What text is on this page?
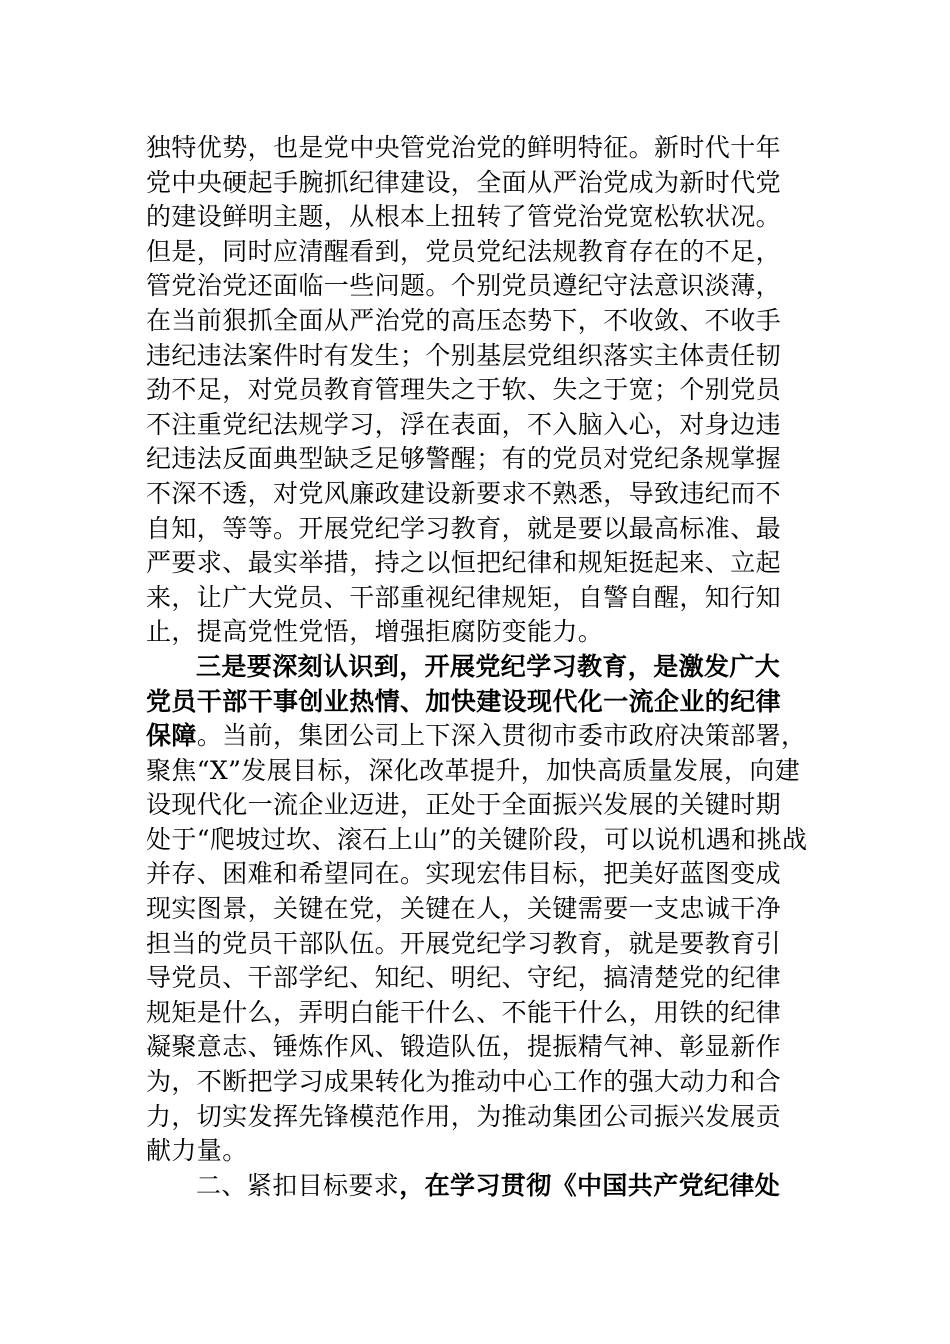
独特优势，也是党中央管党治党的鲜明特征。新时代十年
党中央硬起手腕抓纪律建设，全面从严治党成为新时代党
的建设鲜明主题，从根本上扭转了管党治党宽松软状况。
但是，同时应清醒看到，党员党纪法规教育存在的不足，
管党治党还面临一些问题。个别党员遵纪守法意识淡薄，
在当前狠抓全面从严治党的高压态势下，不收敛、不收手
违纪违法案件时有发生；个别基层党组织落实主体责任韧
劲不足，对党员教育管理失之于软、失之于宽；个别党员
不注重党纪法规学习，浮在表面，不入脑入心，对身边违
纪违法反面典型缺乏足够警醒；有的党员对党纪条规掌握
不深不透，对党风廉政建设新要求不熟悉，导致违纪而不
自知，等等。开展党纪学习教育，就是要以最高标准、最
严要求、最实举措，持之以恒把纪律和规矩挺起来、立起
来，让广大党员、干部重视纪律规矩，自警自醒，知行知
止，提高党性党悟，增强拒腐防变能力。
三是要深刻认识到，开展党纪学习教育，是激发广大
党员干部干事创业热情、加快建设现代化一流企业的纪律
保障。当前，集团公司上下深入贯彻市委市政府决策部署，
聚焦“X”发展目标，深化改革提升，加快高质量发展，向建
设现代化一流企业迈进，正处于全面振兴发展的关键时期
处于“爬坡过坎、滚石上山”的关键阶段，可以说机遇和挑战
并存、困难和希望同在。实现宏伟目标，把美好蓝图变成
现实图景，关键在党，关键在人，关键需要一支忠诚干净
担当的党员干部队伍。开展党纪学习教育，就是要教育引
导党员、干部学纪、知纪、明纪、守纪，搞清楚党的纪律
规矩是什么，弄明白能干什么、不能干什么，用铁的纪律
凝聚意志、锤炼作风、锻造队伍，提振精气神、彰显新作
为，不断把学习成果转化为推动中心工作的强大动力和合
力，切实发挥先锋模范作用，为推动集团公司振兴发展贡
献力量。
二、紧扣目标要求，在学习贯彻《中国共产党纪律处
